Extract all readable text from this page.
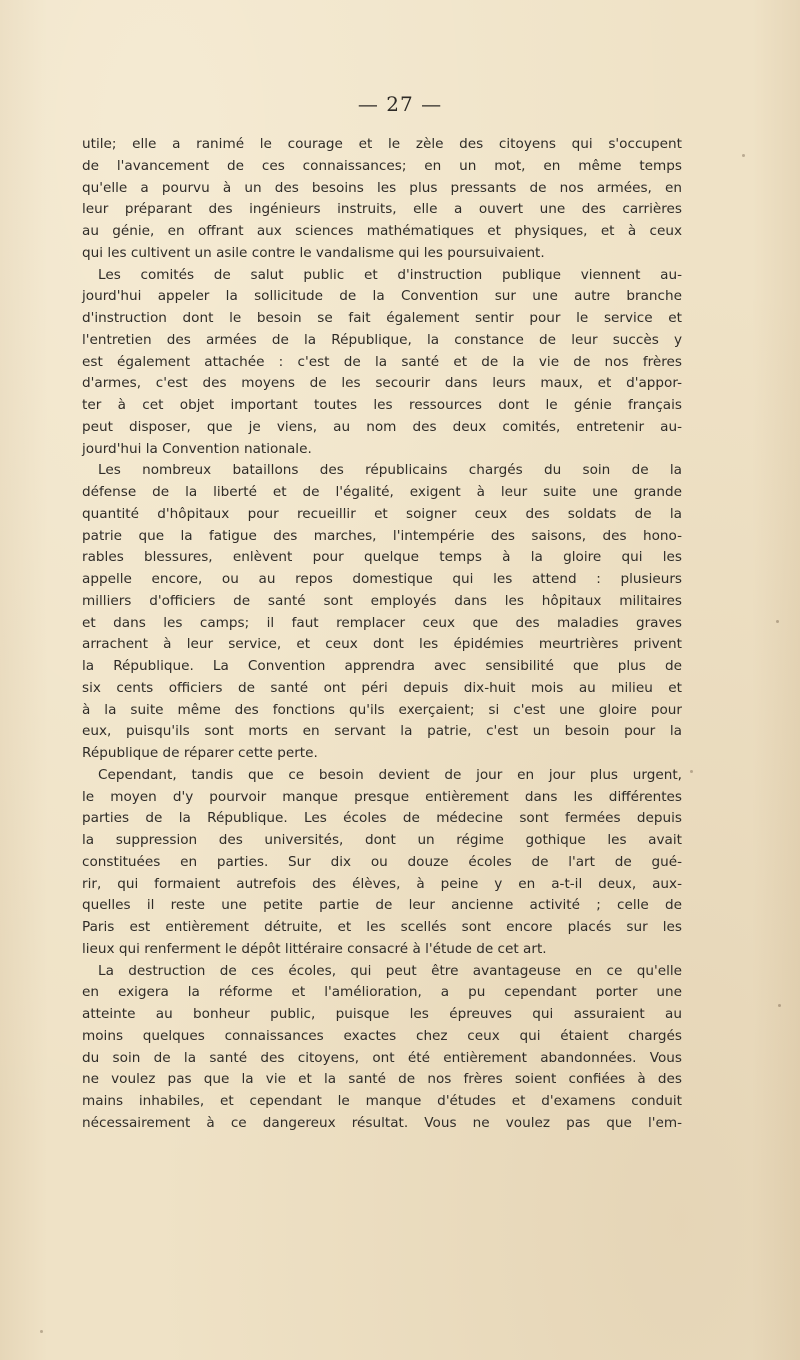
— 27 —
utile; elle a ranimé le courage et le zèle des citoyens qui s'occupent
de l'avancement de ces connaissances; en un mot, en même temps
qu'elle a pourvu à un des besoins les plus pressants de nos armées, en
leur préparant des ingénieurs instruits, elle a ouvert une des carrières
au génie, en offrant aux sciences mathématiques et physiques, et à ceux
qui les cultivent un asile contre le vandalisme qui les poursuivaient.
Les comités de salut public et d'instruction publique viennent au-
jourd'hui appeler la sollicitude de la Convention sur une autre branche
d'instruction dont le besoin se fait également sentir pour le service et
l'entretien des armées de la République, la constance de leur succès y
est également attachée : c'est de la santé et de la vie de nos frères
d'armes, c'est des moyens de les secourir dans leurs maux, et d'appor-
ter à cet objet important toutes les ressources dont le génie français
peut disposer, que je viens, au nom des deux comités, entretenir au-
jourd'hui la Convention nationale.
Les nombreux bataillons des républicains chargés du soin de la
défense de la liberté et de l'égalité, exigent à leur suite une grande
quantité d'hôpitaux pour recueillir et soigner ceux des soldats de la
patrie que la fatigue des marches, l'intempérie des saisons, des hono-
rables blessures, enlèvent pour quelque temps à la gloire qui les
appelle encore, ou au repos domestique qui les attend : plusieurs
milliers d'officiers de santé sont employés dans les hôpitaux militaires
et dans les camps; il faut remplacer ceux que des maladies graves
arrachent à leur service, et ceux dont les épidémies meurtrières privent
la République. La Convention apprendra avec sensibilité que plus de
six cents officiers de santé ont péri depuis dix-huit mois au milieu et
à la suite même des fonctions qu'ils exerçaient; si c'est une gloire pour
eux, puisqu'ils sont morts en servant la patrie, c'est un besoin pour la
République de réparer cette perte.
Cependant, tandis que ce besoin devient de jour en jour plus urgent,
le moyen d'y pourvoir manque presque entièrement dans les différentes
parties de la République. Les écoles de médecine sont fermées depuis
la suppression des universités, dont un régime gothique les avait
constituées en parties. Sur dix ou douze écoles de l'art de gué-
rir, qui formaient autrefois des élèves, à peine y en a-t-il deux, aux-
quelles il reste une petite partie de leur ancienne activité ; celle de
Paris est entièrement détruite, et les scellés sont encore placés sur les
lieux qui renferment le dépôt littéraire consacré à l'étude de cet art.
La destruction de ces écoles, qui peut être avantageuse en ce qu'elle
en exigera la réforme et l'amélioration, a pu cependant porter une
atteinte au bonheur public, puisque les épreuves qui assuraient au
moins quelques connaissances exactes chez ceux qui étaient chargés
du soin de la santé des citoyens, ont été entièrement abandonnées. Vous
ne voulez pas que la vie et la santé de nos frères soient confiées à des
mains inhabiles, et cependant le manque d'études et d'examens conduit
nécessairement à ce dangereux résultat. Vous ne voulez pas que l'em-
